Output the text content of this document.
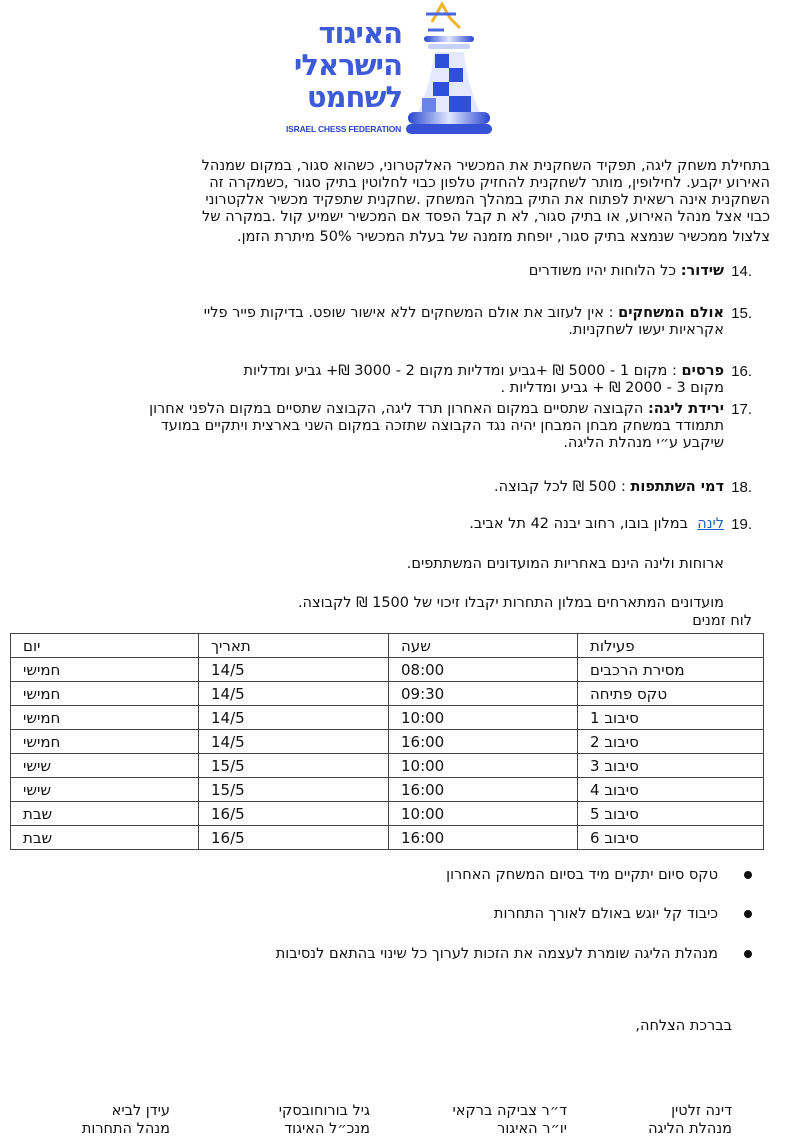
האיגוד
הישראלי
לשחמט
ISRAEL CHESS FEDERATION
בתחילת משחק ליגה, תפקיד השחקנית את המכשיר האלקטרוני, כשהוא סגור, במקום שמנהל
האירוע יקבע. לחילופין, מותר לשחקנית להחזיק טלפון כבוי לחלוטין בתיק סגור ,כשמקרה זה
השחקנית אינה רשאית לפתוח את התיק במהלך המשחק .שחקנית שתפקיד מכשיר אלקטרוני
כבוי אצל מנהל האירוע, או בתיק סגור, לא ת קבל הפסד אם המכשיר ישמיע קול .במקרה של
צלצול ממכשיר שנמצא בתיק סגור, יופחת מזמנה של בעלת המכשיר 50% מיתרת הזמן.
14.
שידור: כל הלוחות יהיו משודרים
15.
אולם המשחקים : אין לעזוב את אולם המשחקים ללא אישור שופט. בדיקות פייר פליי
אקראיות יעשו לשחקניות.
16.
פרסים : מקום 1 - 5000 ₪ +גביע ומדליות מקום 2 - 3000 ₪+ גביע ומדליות
מקום 3 - 2000 ₪ + גביע ומדליות .
17.
ירידת ליגה: הקבוצה שתסיים במקום האחרון תרד ליגה, הקבוצה שתסיים במקום הלפני אחרון
תתמודד במשחק מבחן המבחן יהיה נגד הקבוצה שתזכה במקום השני בארצית ויתקיים במועד
שיקבע ע״י מנהלת הליגה.
18.
דמי השתתפות : 500 ₪ לכל קבוצה.
19.
לינה  במלון בובו, רחוב יבנה 42 תל אביב.
ארוחות ולינה הינם באחריות המועדונים המשתתפים.
מועדונים המתארחים במלון התחרות יקבלו זיכוי של 1500 ₪ לקבוצה.
לוח זמנים
יום	תאריך	שעה	פעילות
חמישי	14/5	08:00	מסירת הרכבים
חמישי	14/5	09:30	טקס פתיחה
חמישי	14/5	10:00	סיבוב 1
חמישי	14/5	16:00	סיבוב 2
שישי	15/5	10:00	סיבוב 3
שישי	15/5	16:00	סיבוב 4
שבת	16/5	10:00	סיבוב 5
שבת	16/5	16:00	סיבוב 6
טקס סיום יתקיים מיד בסיום המשחק האחרון
כיבוד קל יוגש באולם לאורך התחרות
מנהלת הליגה שומרת לעצמה את הזכות לערוך כל שינוי בהתאם לנסיבות
בברכת הצלחה,
דינה זלטין
מנהלת הליגה
ד״ר צביקה ברקאי
יו״ר האיגור
גיל בורוחובסקי
מנכ״ל האיגוד
עידן לביא
מנהל התחרות
